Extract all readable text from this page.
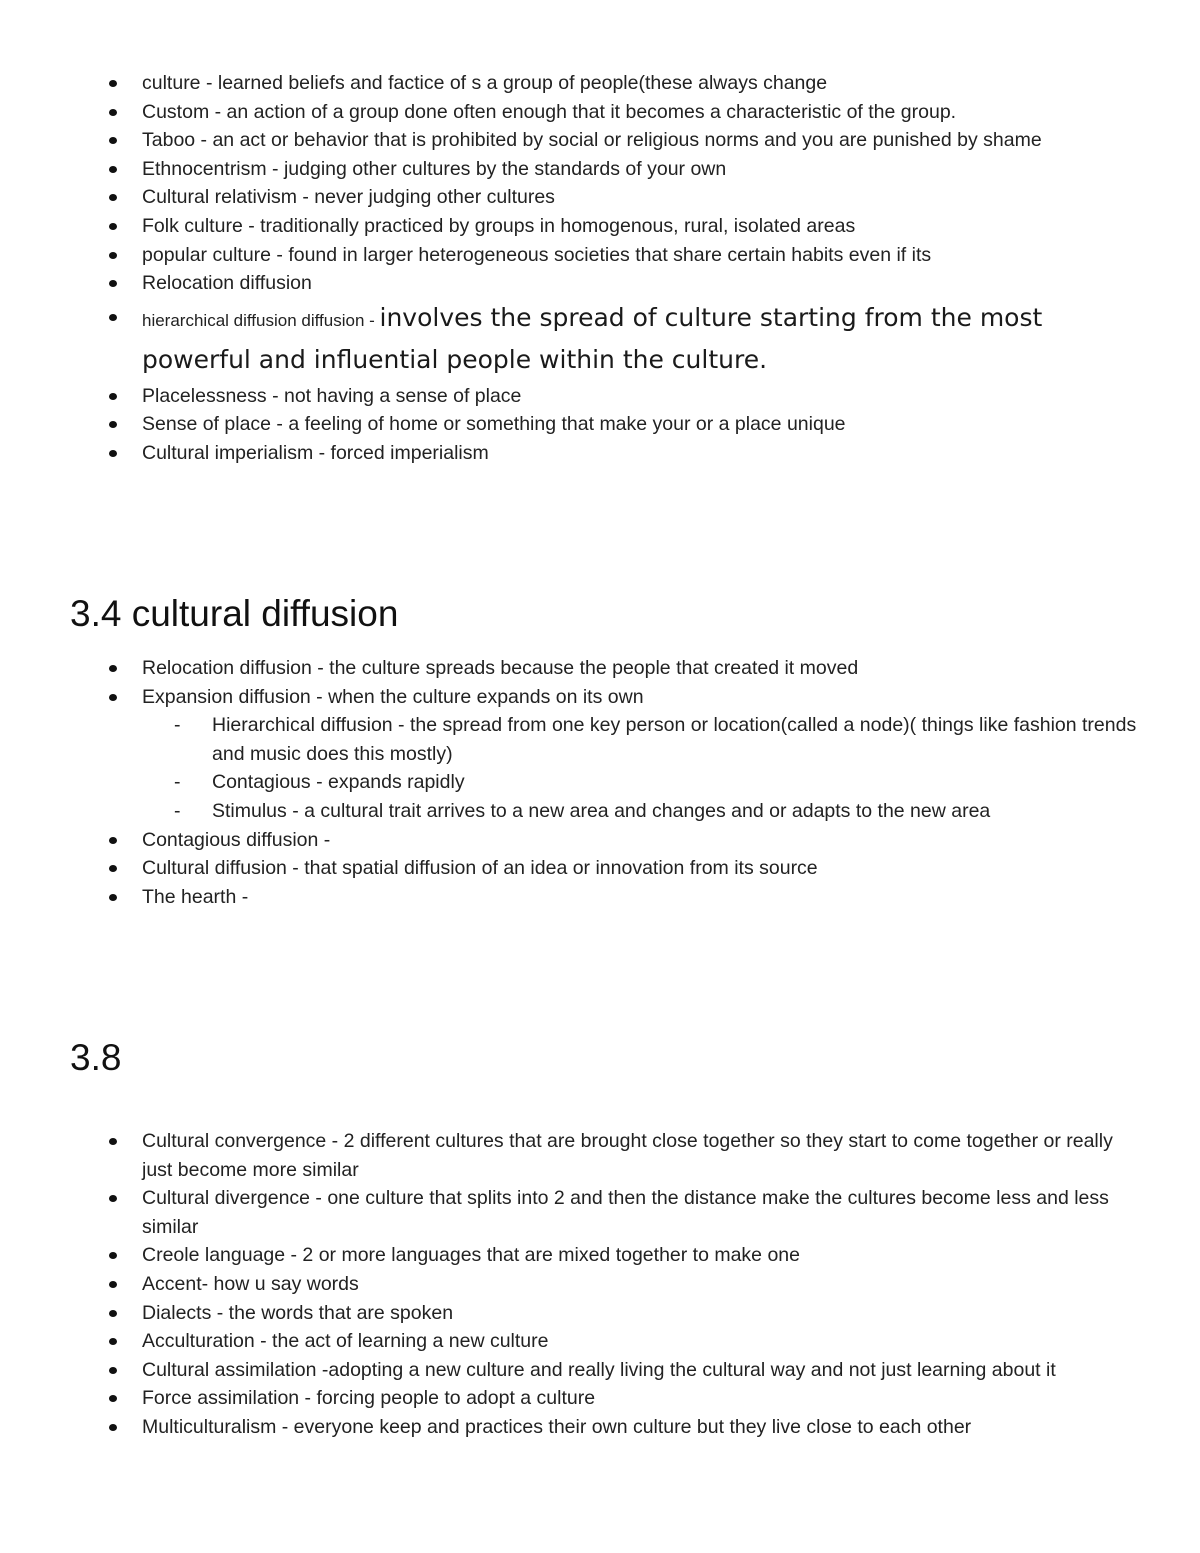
culture - learned beliefs and factice of s a group of people(these always change
Custom - an action of a group done often enough that it becomes a characteristic of the group.
Taboo - an act or behavior that is prohibited by social or religious norms and you are punished by shame
Ethnocentrism - judging other cultures by the standards of your own
Cultural relativism - never judging other cultures
Folk culture - traditionally practiced by groups in homogenous, rural, isolated areas
popular culture - found in larger heterogeneous societies that share certain habits even if its
Relocation diffusion
hierarchical diffusion diffusion - involves the spread of culture starting from the most powerful and influential people within the culture.
Placelessness - not having a sense of place
Sense of place - a feeling of home or something that make your or a place unique
Cultural imperialism - forced imperialism
3.4 cultural diffusion
Relocation diffusion - the culture spreads because the people that created it moved
Expansion diffusion - when the culture expands on its own
- Hierarchical diffusion - the spread from one key person or location(called a node)( things like fashion trends and music does this mostly)
- Contagious - expands rapidly
- Stimulus - a cultural trait arrives to a new area and changes and or adapts to the new area
Contagious diffusion -
Cultural diffusion - that spatial diffusion of an idea or innovation from its source
The hearth -
3.8
Cultural convergence - 2 different cultures that are brought close together so they start to come together or really just become more similar
Cultural divergence - one culture that splits into 2 and then the distance make the cultures become less and less similar
Creole language - 2 or more languages that are mixed together to make one
Accent- how u say words
Dialects - the words that are spoken
Acculturation - the act of learning a new culture
Cultural assimilation -adopting a new culture and really living the cultural way and not just learning about it
Force assimilation - forcing people to adopt a culture
Multiculturalism - everyone keep and practices their own culture but they live close to each other
